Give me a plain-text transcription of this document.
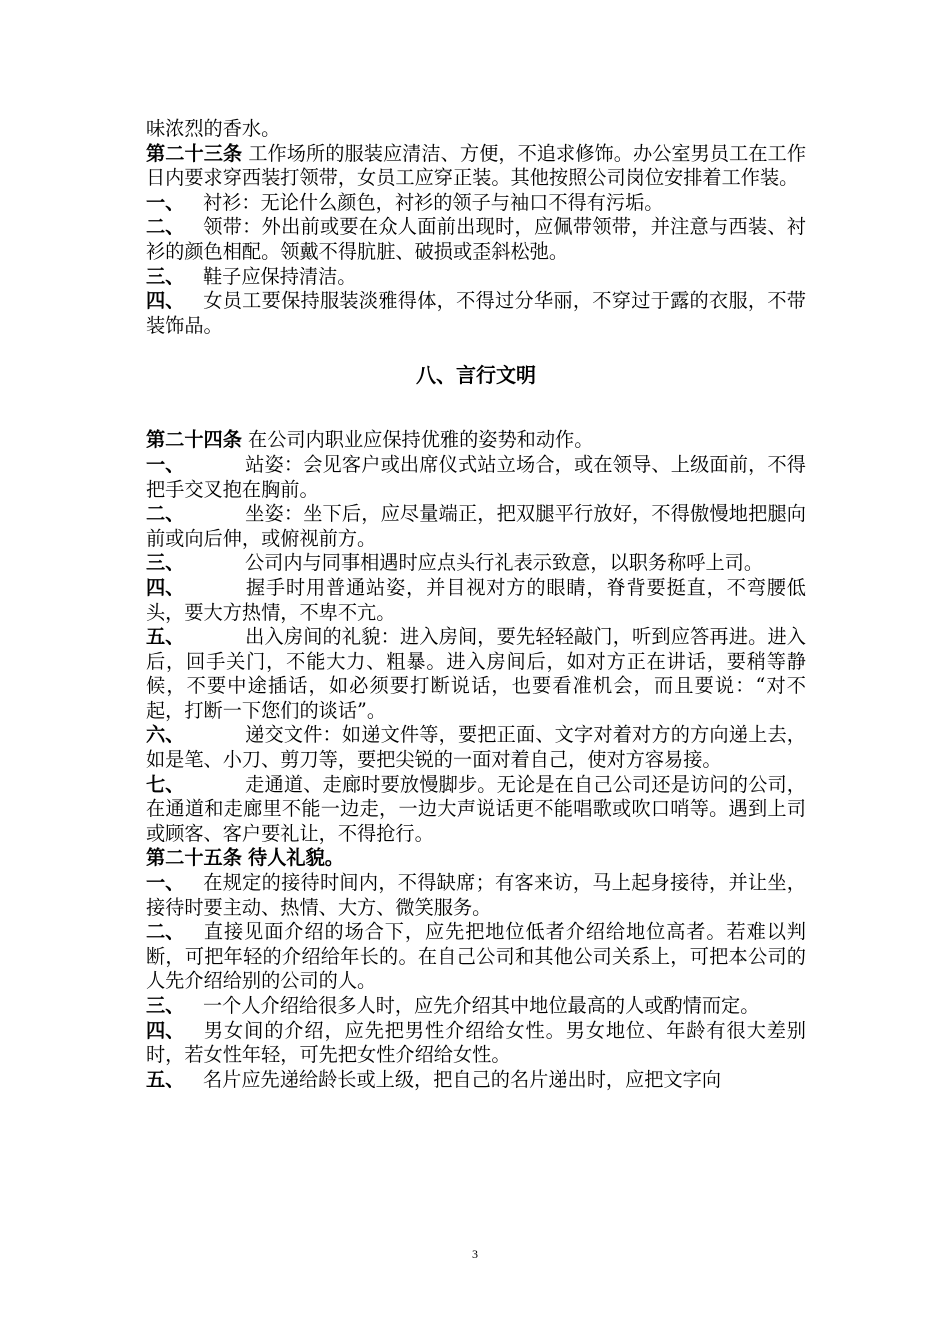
味浓烈的香水。

第二十三条 工作场所的服装应清洁、方便，不追求修饰。办公室男员工在工作日内要求穿西装打领带，女员工应穿正装。其他按照公司岗位安排着工作装。

一、 衬衫：无论什么颜色，衬衫的领子与袖口不得有污垢。

二、 领带：外出前或要在众人面前出现时，应佩带领带，并注意与西装、衬衫的颜色相配。领戴不得肮脏、破损或歪斜松弛。

三、 鞋子应保持清洁。

四、 女员工要保持服装淡雅得体，不得过分华丽，不穿过于露的衣服，不带装饰品。

八、言行文明

第二十四条 在公司内职业应保持优雅的姿势和动作。

一、	站姿：会见客户或出席仪式站立场合，或在领导、上级面前，不得把手交叉抱在胸前。

二、	坐姿：坐下后，应尽量端正，把双腿平行放好，不得傲慢地把腿向前或向后伸，或俯视前方。

三、	公司内与同事相遇时应点头行礼表示致意，以职务称呼上司。

四、	握手时用普通站姿，并目视对方的眼睛，脊背要挺直，不弯腰低头，要大方热情，不卑不亢。

五、	出入房间的礼貌：进入房间，要先轻轻敲门，听到应答再进。进入后，回手关门，不能大力、粗暴。进入房间后，如对方正在讲话，要稍等静候，不要中途插话，如必须要打断说话，也要看准机会，而且要说：“对不起，打断一下您们的谈话”。

六、	递交文件：如递文件等，要把正面、文字对着对方的方向递上去，如是笔、小刀、剪刀等，要把尖锐的一面对着自己，使对方容易接。

七、	走通道、走廊时要放慢脚步。无论是在自己公司还是访问的公司，在通道和走廊里不能一边走，一边大声说话更不能唱歌或吹口哨等。遇到上司或顾客、客户要礼让，不得抢行。

第二十五条 待人礼貌。

一、 在规定的接待时间内，不得缺席；有客来访，马上起身接待，并让坐，接待时要主动、热情、大方、微笑服务。

二、 直接见面介绍的场合下，应先把地位低者介绍给地位高者。若难以判断，可把年轻的介绍给年长的。在自己公司和其他公司关系上，可把本公司的人先介绍给别的公司的人。

三、 一个人介绍给很多人时，应先介绍其中地位最高的人或酌情而定。

四、 男女间的介绍，应先把男性介绍给女性。男女地位、年龄有很大差别时，若女性年轻，可先把女性介绍给女性。

五、 名片应先递给龄长或上级，把自己的名片递出时，应把文字向

3
